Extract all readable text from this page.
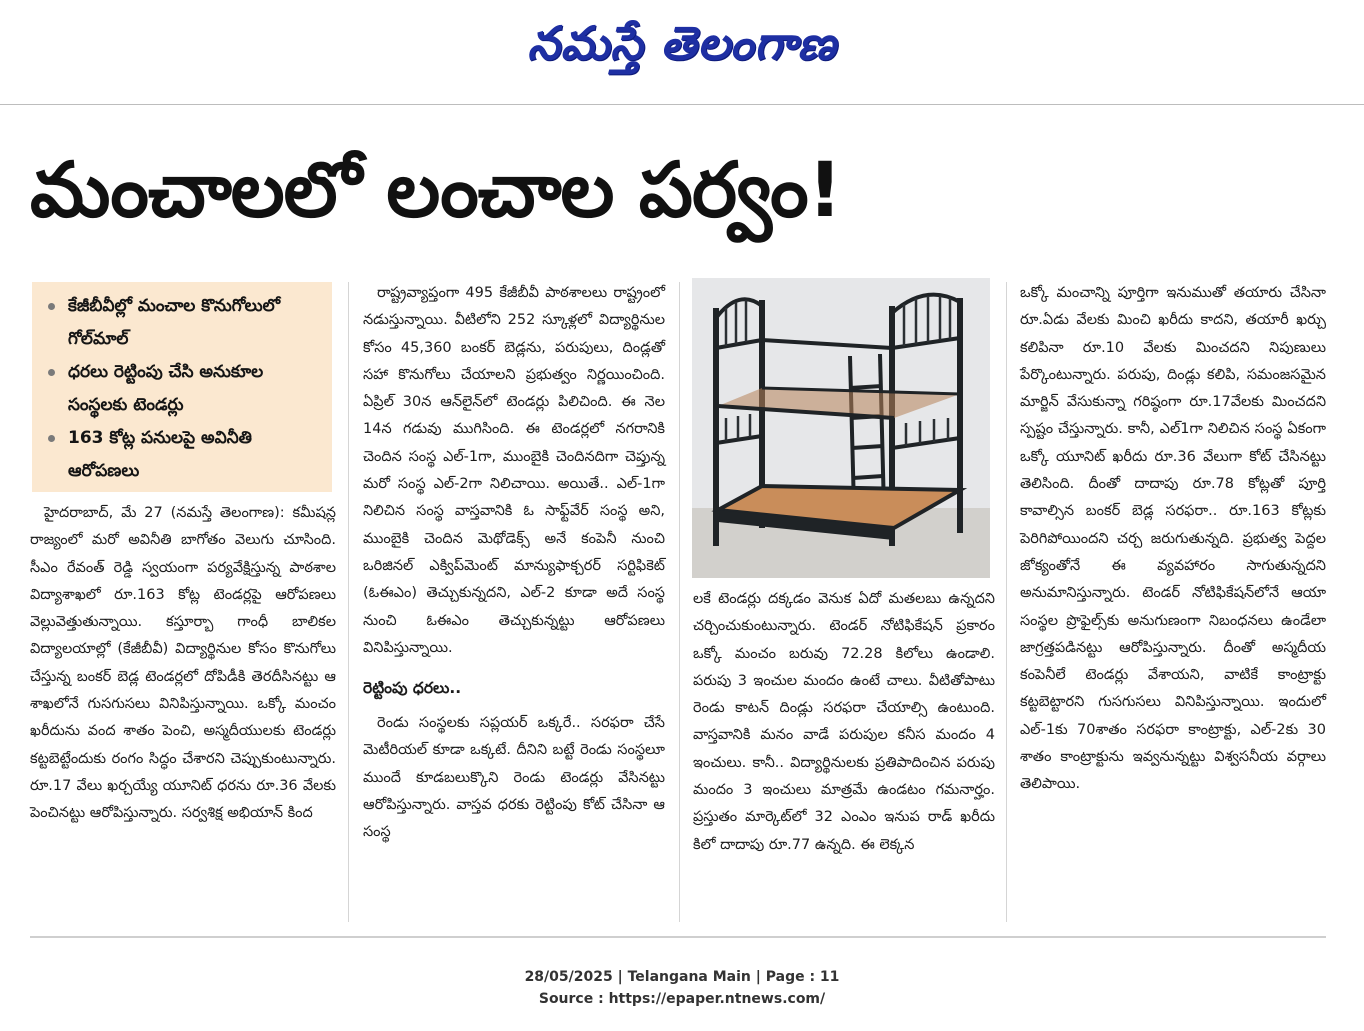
నమస్తే తెలంగాణ
మంచాలలో లంచాల పర్వం!
కేజీబీవీల్లో మంచాల కొనుగోలులో గోల్‌మాల్
ధరలు రెట్టింపు చేసి అనుకూల సంస్థలకు టెండర్లు
163 కోట్ల పనులపై అవినీతి ఆరోపణలు

హైదరాబాద్, మే 27 (నమస్తే తెలంగాణ): కమీషన్ల రాజ్యంలో మరో అవినీతి బాగోతం వెలుగు చూసింది. సీఎం రేవంత్ రెడ్డి స్వయంగా పర్యవేక్షిస్తున్న పాఠశాల విద్యాశాఖలో రూ.163 కోట్ల టెండర్లపై ఆరోపణలు వెల్లువెత్తుతున్నాయి. కస్తూర్బా గాంధీ బాలికల విద్యాలయాల్లో (కేజీబీవీ) విద్యార్థినుల కోసం కొనుగోలు చేస్తున్న బంకర్ బెడ్ల టెండర్లలో దోపిడీకి తెరదీసినట్టు ఆ శాఖలోనే గుసగుసలు వినిపిస్తున్నాయి. ఒక్కో మంచం ఖరీదును వంద శాతం పెంచి, అస్మదీయులకు టెండర్లు కట్టబెట్టేందుకు రంగం సిద్ధం చేశారని చెప్పుకుంటున్నారు. రూ.17 వేలు ఖర్చయ్యే యూనిట్ ధరను రూ.36 వేలకు పెంచినట్టు ఆరోపిస్తున్నారు. సర్వశిక్ష అభియాన్ కింద

రాష్ట్రవ్యాప్తంగా 495 కేజీబీవీ పాఠశాలలు రాష్ట్రంలో నడుస్తున్నాయి. వీటిలోని 252 స్కూళ్లలో విద్యార్థినుల కోసం 45,360 బంకర్ బెడ్లను, పరుపులు, దిండ్లతో సహా కొనుగోలు చేయాలని ప్రభుత్వం నిర్ణయించింది. ఏప్రిల్ 30న ఆన్‌లైన్‌లో టెండర్లు పిలిచింది. ఈ నెల 14న గడువు ముగిసింది. ఈ టెండర్లలో నగరానికి చెందిన సంస్థ ఎల్-1గా, ముంబైకి చెందినదిగా చెప్తున్న మరో సంస్థ ఎల్-2గా నిలిచాయి. అయితే.. ఎల్-1గా నిలిచిన సంస్థ వాస్తవానికి ఓ సాఫ్ట్‌వేర్ సంస్థ అని, ముంబైకి చెందిన మెథోడెక్స్ అనే కంపెనీ నుంచి ఒరిజినల్ ఎక్విప్‌మెంట్ మాన్యుఫాక్చరర్ సర్టిఫికెట్ (ఓఈఎం) తెచ్చుకున్నదని, ఎల్-2 కూడా అదే సంస్థ నుంచి ఓఈఎం తెచ్చుకున్నట్టు ఆరోపణలు వినిపిస్తున్నాయి.

రెట్టింపు ధరలు..

రెండు సంస్థలకు సప్లయర్ ఒక్కరే.. సరఫరా చేసే మెటీరియల్ కూడా ఒక్కటే. దీనిని బట్టే రెండు సంస్థలూ ముందే కూడబలుక్కొని రెండు టెండర్లు వేసినట్టు ఆరోపిస్తున్నారు. వాస్తవ ధరకు రెట్టింపు కోట్ చేసినా ఆ సంస్థ

లకే టెండర్లు దక్కడం వెనుక ఏదో మతలబు ఉన్నదని చర్చించుకుంటున్నారు. టెండర్ నోటిఫికేషన్ ప్రకారం ఒక్కో మంచం బరువు 72.28 కిలోలు ఉండాలి. పరుపు 3 ఇంచుల మందం ఉంటే చాలు. వీటితోపాటు రెండు కాటన్ దిండ్లు సరఫరా చేయాల్సి ఉంటుంది. వాస్తవానికి మనం వాడే పరుపుల కనీస మందం 4 ఇంచులు. కానీ.. విద్యార్థినులకు ప్రతిపాదించిన పరుపు మందం 3 ఇంచులు మాత్రమే ఉండటం గమనార్హం. ప్రస్తుతం మార్కెట్‌లో 32 ఎంఎం ఇనుప రాడ్ ఖరీదు కిలో దాదాపు రూ.77 ఉన్నది. ఈ లెక్కన

ఒక్కో మంచాన్ని పూర్తిగా ఇనుముతో తయారు చేసినా రూ.ఏడు వేలకు మించి ఖరీదు కాదని, తయారీ ఖర్చు కలిపినా రూ.10 వేలకు మించదని నిపుణులు పేర్కొంటున్నారు. పరుపు, దిండ్లు కలిపి, సమంజసమైన మార్జిన్ వేసుకున్నా గరిష్ఠంగా రూ.17వేలకు మించదని స్పష్టం చేస్తున్నారు. కానీ, ఎల్1గా నిలిచిన సంస్థ ఏకంగా ఒక్కో యూనిట్ ఖరీదు రూ.36 వేలుగా కోట్ చేసినట్టు తెలిసింది. దీంతో దాదాపు రూ.78 కోట్లతో పూర్తి కావాల్సిన బంకర్ బెడ్ల సరఫరా.. రూ.163 కోట్లకు పెరిగిపోయిందని చర్చ జరుగుతున్నది. ప్రభుత్వ పెద్దల జోక్యంతోనే ఈ వ్యవహారం సాగుతున్నదని అనుమానిస్తున్నారు. టెండర్ నోటిఫికేషన్‌లోనే ఆయా సంస్థల ప్రొఫైల్స్‌కు అనుగుణంగా నిబంధనలు ఉండేలా జాగ్రత్తపడినట్టు ఆరోపిస్తున్నారు. దీంతో అస్మదీయ కంపెనీలే టెండర్లు వేశాయని, వాటికే కాంట్రాక్టు కట్టబెట్టారని గుసగుసలు వినిపిస్తున్నాయి. ఇందులో ఎల్-1కు 70శాతం సరఫరా కాంట్రాక్టు, ఎల్-2కు 30 శాతం కాంట్రాక్టును ఇవ్వనున్నట్టు విశ్వసనీయ వర్గాలు తెలిపాయి.

28/05/2025 | Telangana Main | Page : 11
Source : https://epaper.ntnews.com/
